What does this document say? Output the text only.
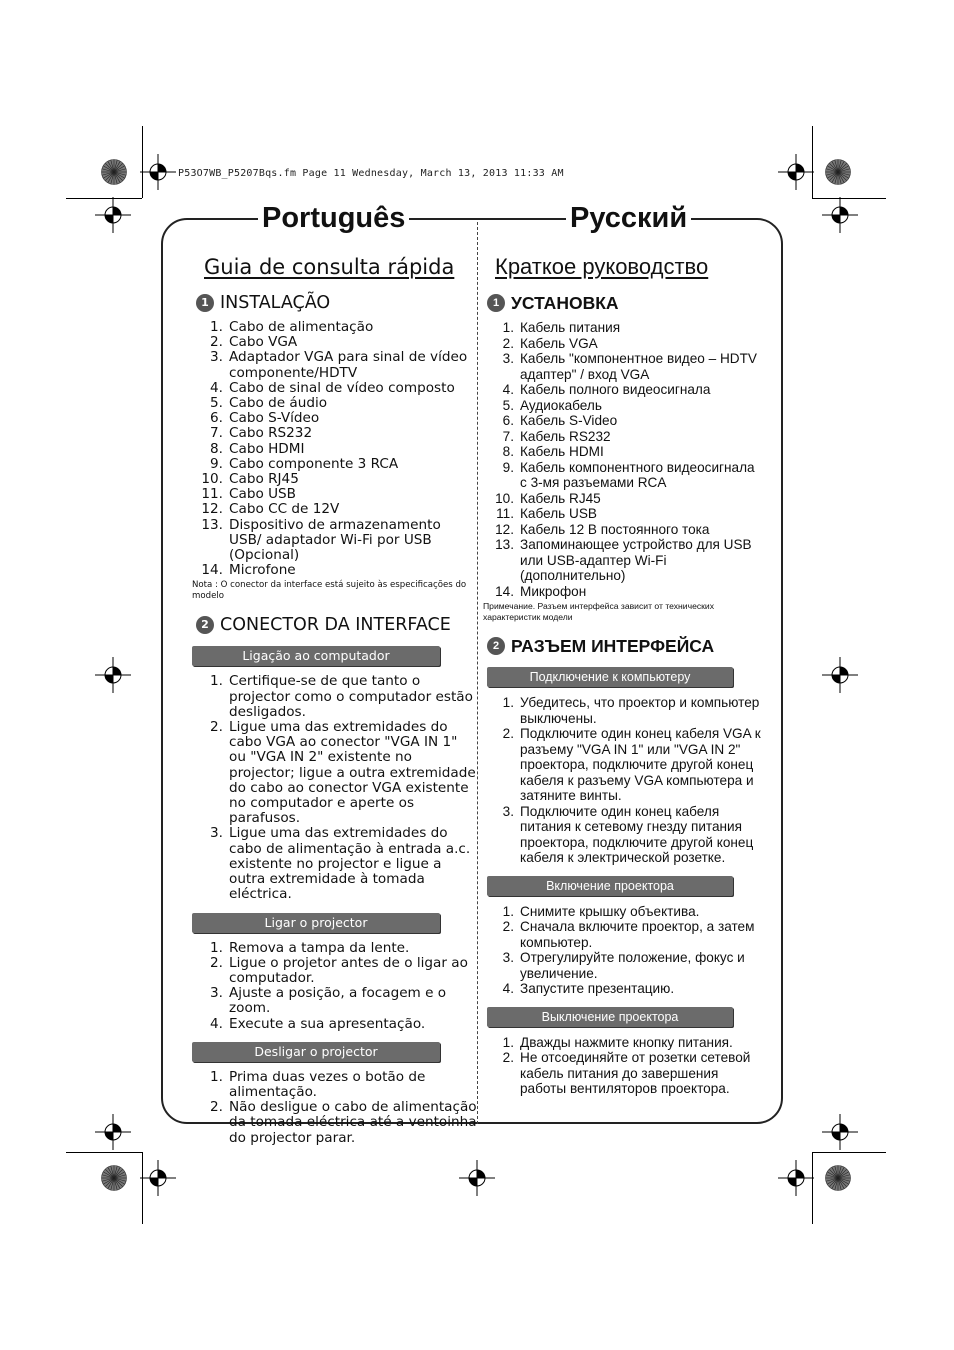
P53O7WB_P5207Bqs.fm Page 11 Wednesday, March 13, 2013 11:33 AM
Português	Русский
Guia de consulta rápida
1 INSTALAÇÃO
1. Cabo de alimentação
2. Cabo VGA
3. Adaptador VGA para sinal de vídeo componente/HDTV
4. Cabo de sinal de vídeo composto
5. Cabo de áudio
6. Cabo S-Vídeo
7. Cabo RS232
8. Cabo HDMI
9. Cabo componente 3 RCA
10. Cabo RJ45
11. Cabo USB
12. Cabo CC de 12V
13. Dispositivo de armazenamento USB/ adaptador Wi-Fi por USB (Opcional)
14. Microfone
Nota : O conector da interface está sujeito às especificações do modelo
2 CONECTOR DA INTERFACE
Ligação ao computador
1. Certifique-se de que tanto o projector como o computador estão desligados.
2. Ligue uma das extremidades do cabo VGA ao conector "VGA IN 1" ou "VGA IN 2" existente no projector; ligue a outra extremidade do cabo ao conector VGA existente no computador e aperte os parafusos.
3. Ligue uma das extremidades do cabo de alimentação à entrada a.c. existente no projector e ligue a outra extremidade à tomada eléctrica.
Ligar o projector
1. Remova a tampa da lente.
2. Ligue o projetor antes de o ligar ao computador.
3. Ajuste a posição, a focagem e o zoom.
4. Execute a sua apresentação.
Desligar o projector
1. Prima duas vezes o botão de alimentação.
2. Não desligue o cabo de alimentação da tomada eléctrica até a ventoinha do projector parar.
Краткое руководство
1 УСТАНОВКА
1. Кабель питания
2. Кабель VGA
3. Кабель "компонентное видео – HDTV адаптер" / вход VGA
4. Кабель полного видеосигнала
5. Аудиокабель
6. Кабель S-Video
7. Кабель RS232
8. Кабель HDMI
9. Кабель компонентного видеосигнала с 3-мя разъемами RCA
10. Кабель RJ45
11. Кабель USB
12. Кабель 12 В постоянного тока
13. Запоминающее устройство для USB или USB-адаптер Wi-Fi (дополнительно)
14. Микрофон
Примечание. Разъем интерфейса зависит от технических характеристик модели
2 РАЗЪЕМ ИНТЕРФЕЙСА
Подключение к компьютеру
1. Убедитесь, что проектор и компьютер выключены.
2. Подключите один конец кабеля VGA к разъему "VGA IN 1" или "VGA IN 2" проектора, подключите другой конец кабеля к разъему VGA компьютера и затяните винты.
3. Подключите один конец кабеля питания к сетевому гнезду питания проектора, подключите другой конец кабеля к электрической розетке.
Включение проектора
1. Снимите крышку объектива.
2. Сначала включите проектор, а затем компьютер.
3. Отрегулируйте положение, фокус и увеличение.
4. Запустите презентацию.
Выключение проектора
1. Дважды нажмите кнопку питания.
2. Не отсоединяйте от розетки сетевой кабель питания до завершения работы вентиляторов проектора.
